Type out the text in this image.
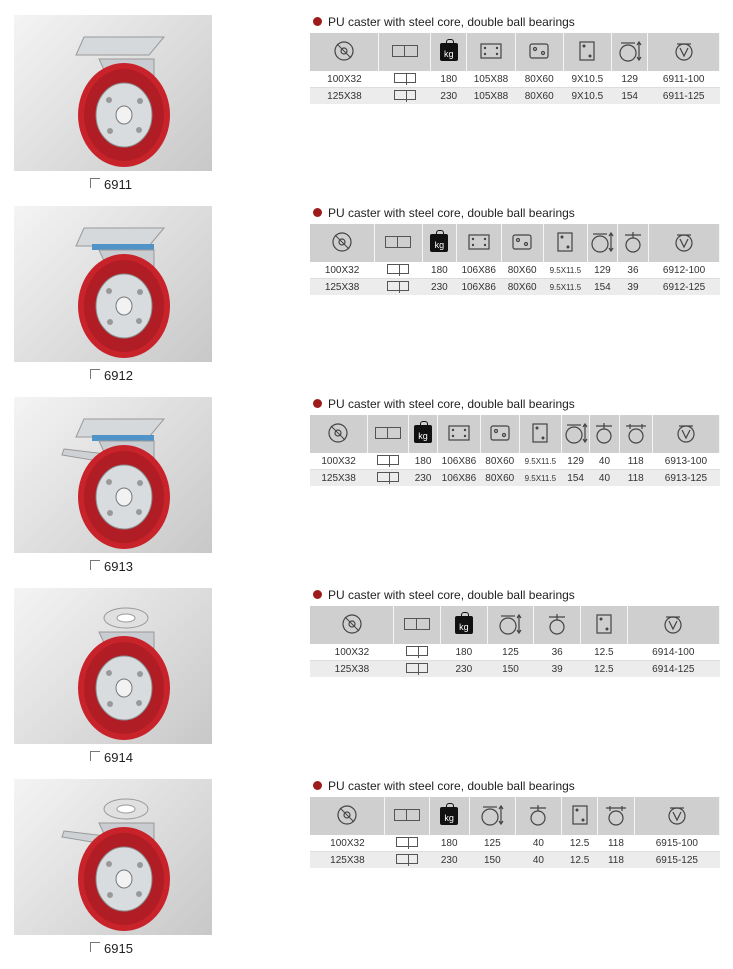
6911
PU caster with steel core, double ball bearings
		kg					
100X32		180	105X88	80X60	9X10.5	129	6911-100
125X38		230	105X88	80X60	9X10.5	154	6911-125
6912
PU caster with steel core, double ball bearings
		kg						
100X32		180	106X86	80X60	9.5X11.5	129	36	6912-100
125X38		230	106X86	80X60	9.5X11.5	154	39	6912-125
6913
PU caster with steel core, double ball bearings
		kg							
100X32		180	106X86	80X60	9.5X11.5	129	40	118	6913-100
125X38		230	106X86	80X60	9.5X11.5	154	40	118	6913-125
6914
PU caster with steel core, double ball bearings
		kg				
100X32		180	125	36	12.5	6914-100
125X38		230	150	39	12.5	6914-125
6915
PU caster with steel core, double ball bearings
		kg					
100X32		180	125	40	12.5	118	6915-100
125X38		230	150	40	12.5	118	6915-125
